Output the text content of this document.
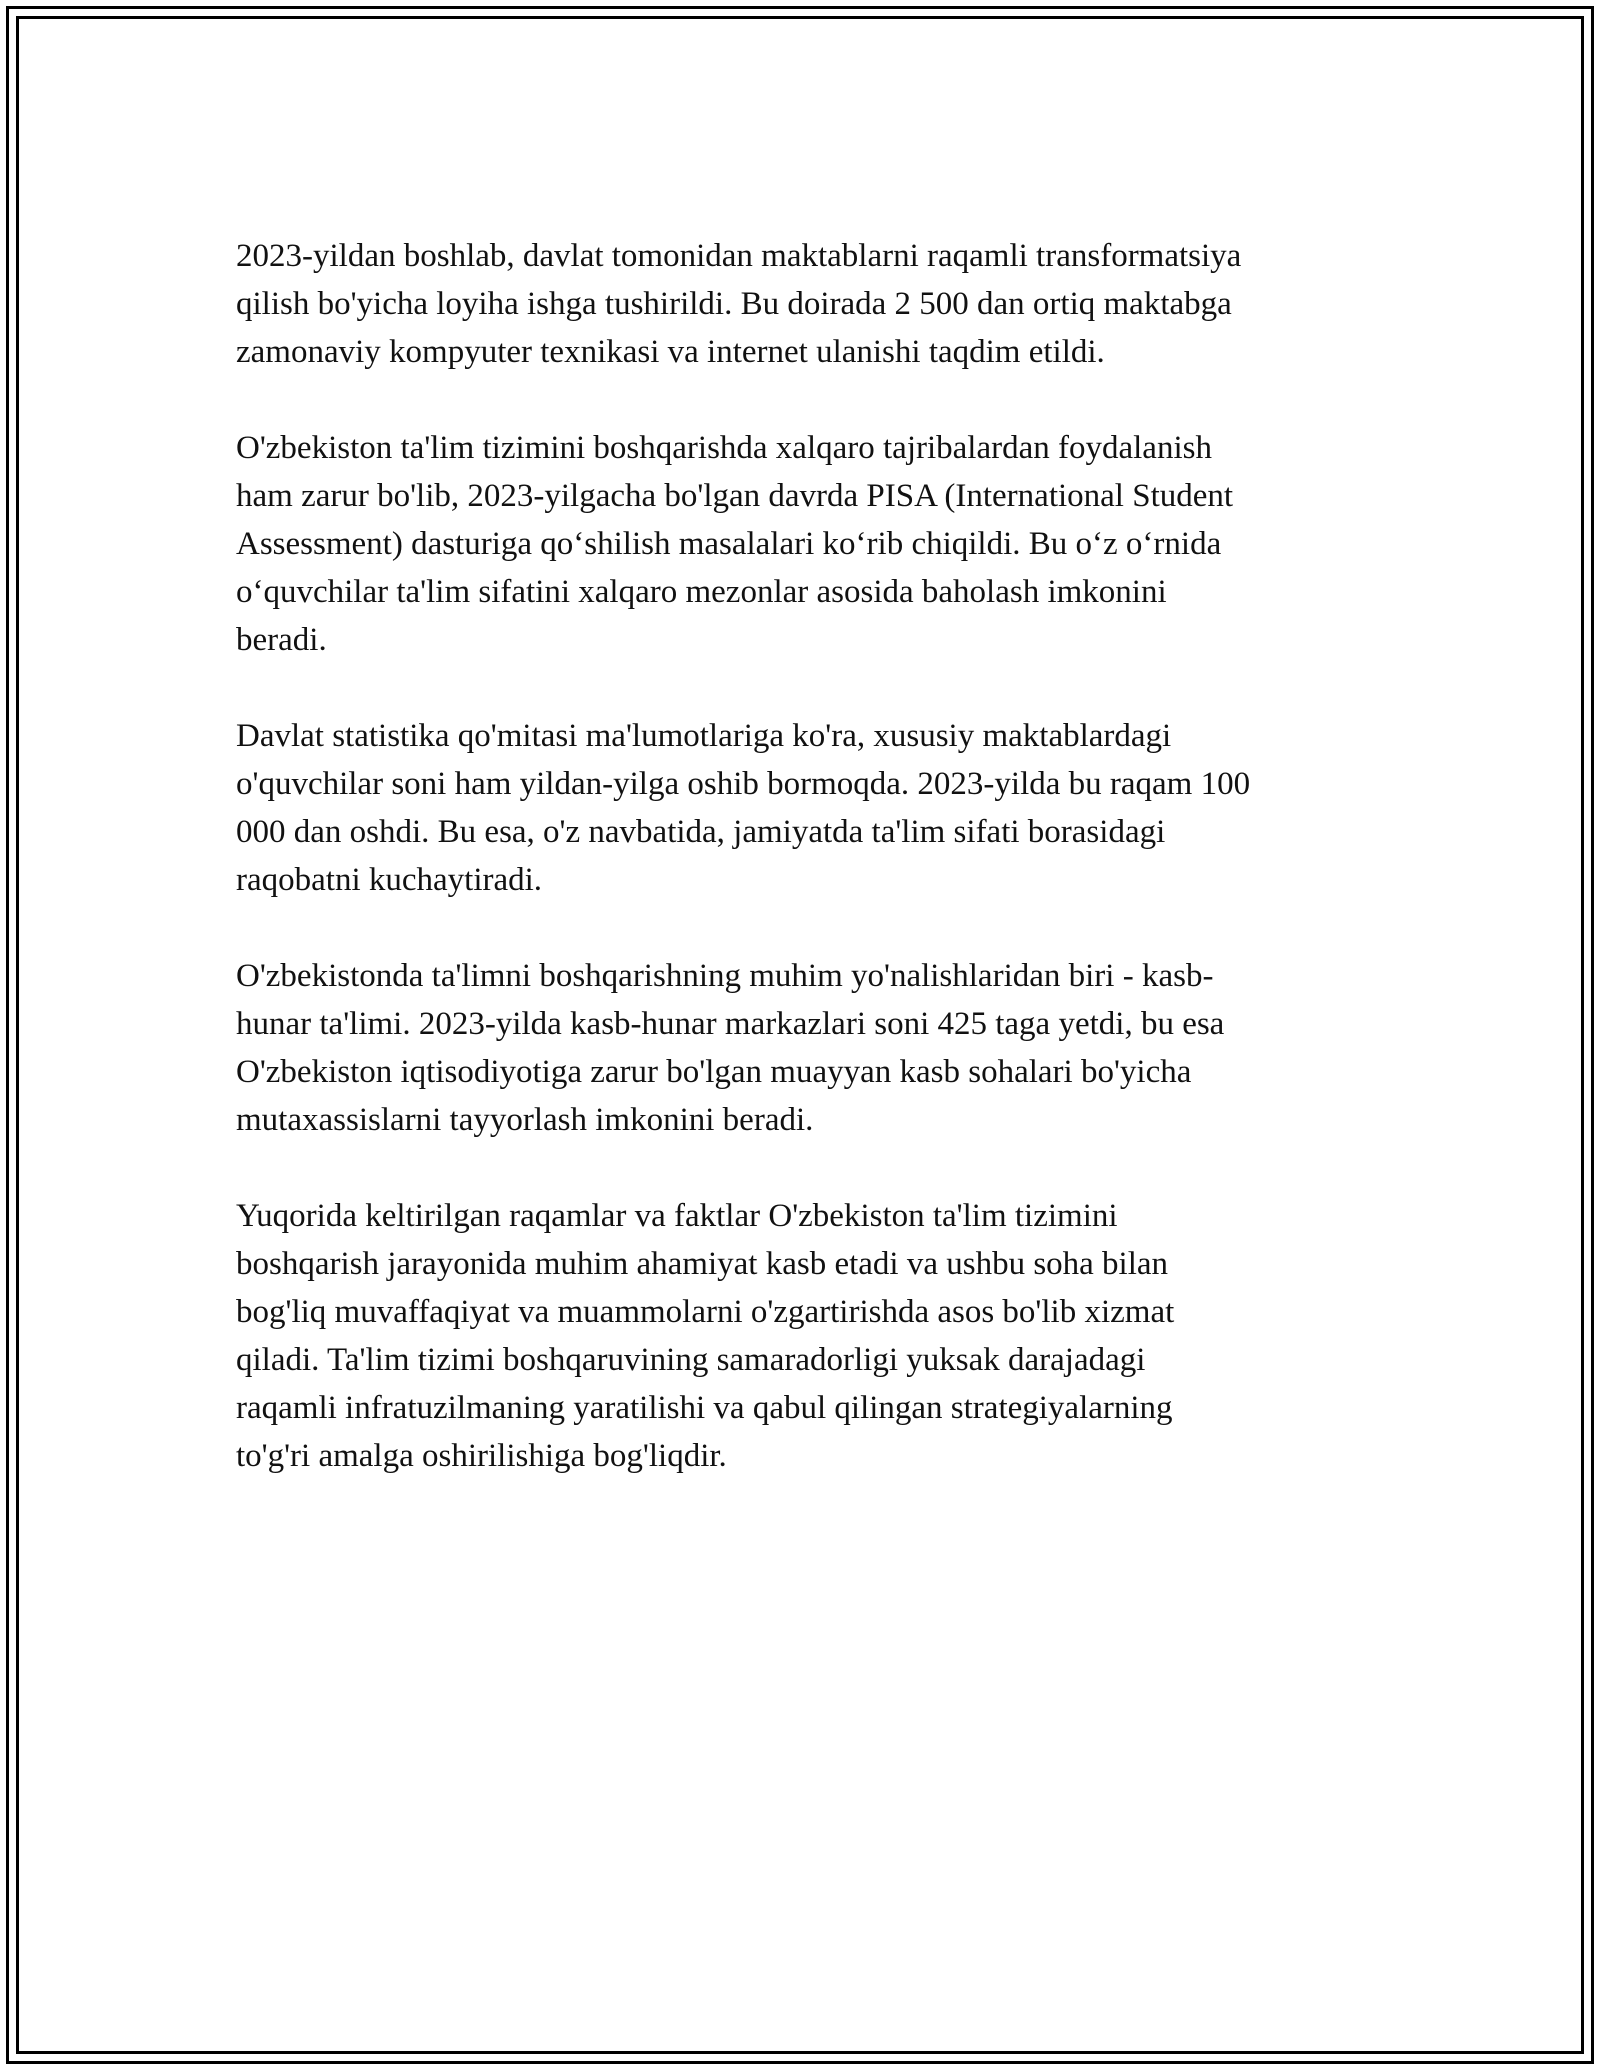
2023-yildan boshlab, davlat tomonidan maktablarni raqamli transformatsiya
qilish bo'yicha loyiha ishga tushirildi. Bu doirada 2 500 dan ortiq maktabga
zamonaviy kompyuter texnikasi va internet ulanishi taqdim etildi.

O'zbekiston ta'lim tizimini boshqarishda xalqaro tajribalardan foydalanish
ham zarur bo'lib, 2023-yilgacha bo'lgan davrda PISA (International Student
Assessment) dasturiga qo‘shilish masalalari ko‘rib chiqildi. Bu o‘z o‘rnida
o‘quvchilar ta'lim sifatini xalqaro mezonlar asosida baholash imkonini
beradi.

Davlat statistika qo'mitasi ma'lumotlariga ko'ra, xususiy maktablardagi
o'quvchilar soni ham yildan-yilga oshib bormoqda. 2023-yilda bu raqam 100
000 dan oshdi. Bu esa, o'z navbatida, jamiyatda ta'lim sifati borasidagi
raqobatni kuchaytiradi.

O'zbekistonda ta'limni boshqarishning muhim yo'nalishlaridan biri - kasb-
hunar ta'limi. 2023-yilda kasb-hunar markazlari soni 425 taga yetdi, bu esa
O'zbekiston iqtisodiyotiga zarur bo'lgan muayyan kasb sohalari bo'yicha
mutaxassislarni tayyorlash imkonini beradi.

Yuqorida keltirilgan raqamlar va faktlar O'zbekiston ta'lim tizimini
boshqarish jarayonida muhim ahamiyat kasb etadi va ushbu soha bilan
bog'liq muvaffaqiyat va muammolarni o'zgartirishda asos bo'lib xizmat
qiladi. Ta'lim tizimi boshqaruvining samaradorligi yuksak darajadagi
raqamli infratuzilmaning yaratilishi va qabul qilingan strategiyalarning
to'g'ri amalga oshirilishiga bog'liqdir.
